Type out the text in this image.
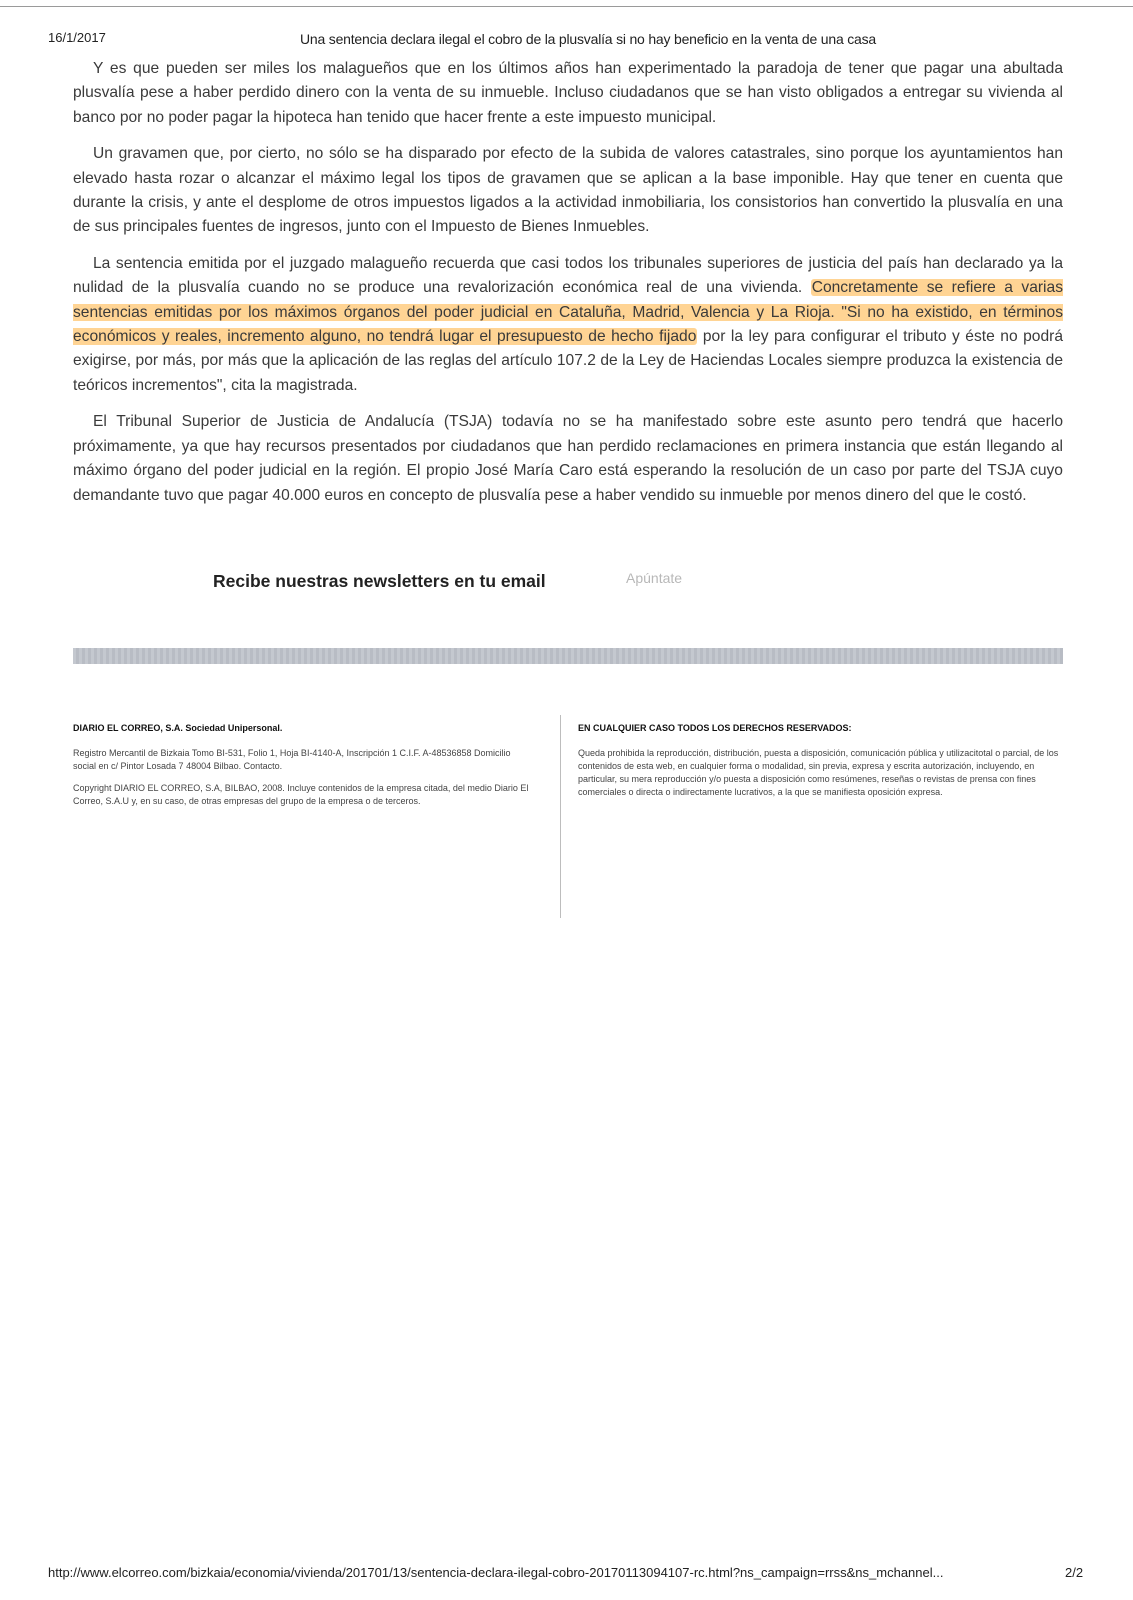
16/1/2017	Una sentencia declara ilegal el cobro de la plusvalía si no hay beneficio en la venta de una casa

Y es que pueden ser miles los malagueños que en los últimos años han experimentado la paradoja de tener que pagar una abultada plusvalía pese a haber perdido dinero con la venta de su inmueble. Incluso ciudadanos que se han visto obligados a entregar su vivienda al banco por no poder pagar la hipoteca han tenido que hacer frente a este impuesto municipal.

Un gravamen que, por cierto, no sólo se ha disparado por efecto de la subida de valores catastrales, sino porque los ayuntamientos han elevado hasta rozar o alcanzar el máximo legal los tipos de gravamen que se aplican a la base imponible. Hay que tener en cuenta que durante la crisis, y ante el desplome de otros impuestos ligados a la actividad inmobiliaria, los consistorios han convertido la plusvalía en una de sus principales fuentes de ingresos, junto con el Impuesto de Bienes Inmuebles.

La sentencia emitida por el juzgado malagueño recuerda que casi todos los tribunales superiores de justicia del país han declarado ya la nulidad de la plusvalía cuando no se produce una revalorización económica real de una vivienda. Concretamente se refiere a varias sentencias emitidas por los máximos órganos del poder judicial en Cataluña, Madrid, Valencia y La Rioja. "Si no ha existido, en términos económicos y reales, incremento alguno, no tendrá lugar el presupuesto de hecho fijado por la ley para configurar el tributo y éste no podrá exigirse, por más, por más que la aplicación de las reglas del artículo 107.2 de la Ley de Haciendas Locales siempre produzca la existencia de teóricos incrementos", cita la magistrada.

El Tribunal Superior de Justicia de Andalucía (TSJA) todavía no se ha manifestado sobre este asunto pero tendrá que hacerlo próximamente, ya que hay recursos presentados por ciudadanos que han perdido reclamaciones en primera instancia que están llegando al máximo órgano del poder judicial en la región. El propio José María Caro está esperando la resolución de un caso por parte del TSJA cuyo demandante tuvo que pagar 40.000 euros en concepto de plusvalía pese a haber vendido su inmueble por menos dinero del que le costó.

Recibe nuestras newsletters en tu email	Apúntate
DIARIO EL CORREO, S.A. Sociedad Unipersonal.

Registro Mercantil de Bizkaia Tomo BI-531, Folio 1, Hoja BI-4140-A, Inscripción 1 C.I.F. A-48536858 Domicilio social en c/ Pintor Losada 7 48004 Bilbao. Contacto.

Copyright DIARIO EL CORREO, S.A, BILBAO, 2008. Incluye contenidos de la empresa citada, del medio Diario El Correo, S.A.U y, en su caso, de otras empresas del grupo de la empresa o de terceros.

EN CUALQUIER CASO TODOS LOS DERECHOS RESERVADOS:

Queda prohibida la reproducción, distribución, puesta a disposición, comunicación pública y utilizacitotal o parcial, de los contenidos de esta web, en cualquier forma o modalidad, sin previa, expresa y escrita autorización, incluyendo, en particular, su mera reproducción y/o puesta a disposición como resúmenes, reseñas o revistas de prensa con fines comerciales o directa o indirectamente lucrativos, a la que se manifiesta oposición expresa.

http://www.elcorreo.com/bizkaia/economia/vivienda/201701/13/sentencia-declara-ilegal-cobro-20170113094107-rc.html?ns_campaign=rrss&ns_mchannel...	2/2
